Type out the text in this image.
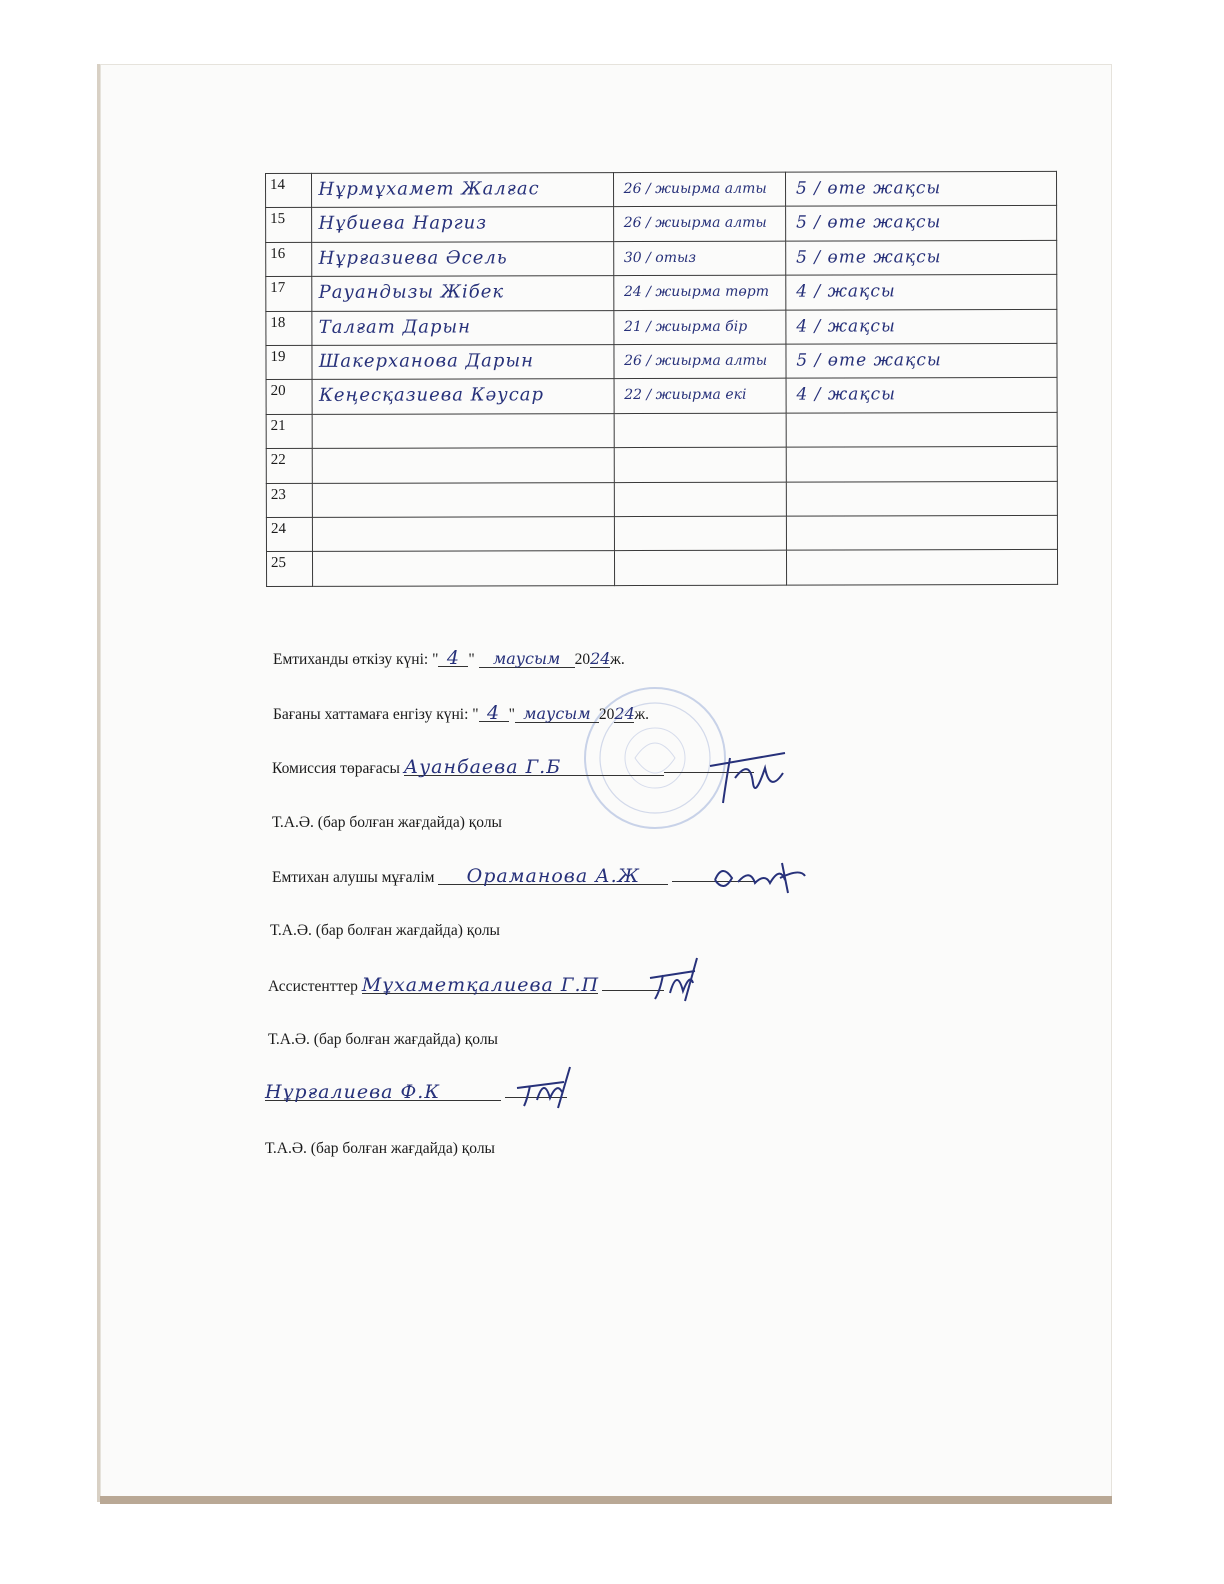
14	Нұрмұхамет Жалғас	26 / жиырма алты	5 / өте жақсы

15	Нұбиева Наргиз	26 / жиырма алты	5 / өте жақсы

16	Нұрғазиева Әсель	30 / отыз	5 / өте жақсы

17	Рауандызы Жібек	24 / жиырма төрт	4 / жақсы

18	Талғат Дарын	21 / жиырма бір	4 / жақсы

19	Шакерханова Дарын	26 / жиырма алты	5 / өте жақсы

20	Кеңесқазиева Кәусар	22 / жиырма екі	4 / жақсы

21	

22	

23	

24	

25	

Емтиханды өткізу күні: " 4 " маусым 2024ж.
Бағаны хаттамаға енгізу күні: " 4 " маусым 2024ж.
Комиссия төрағасы Ауанбаева Г.Б
Т.А.Ә. (бар болған жағдайда) қолы
Емтихан алушы мұғалім Ораманова А.Ж
Т.А.Ә. (бар болған жағдайда) қолы
Ассистенттер Мұхаметқалиева Г.П
Т.А.Ә. (бар болған жағдайда) қолы
Нұрғалиева Ф.К
Т.А.Ә. (бар болған жағдайда) қолы
